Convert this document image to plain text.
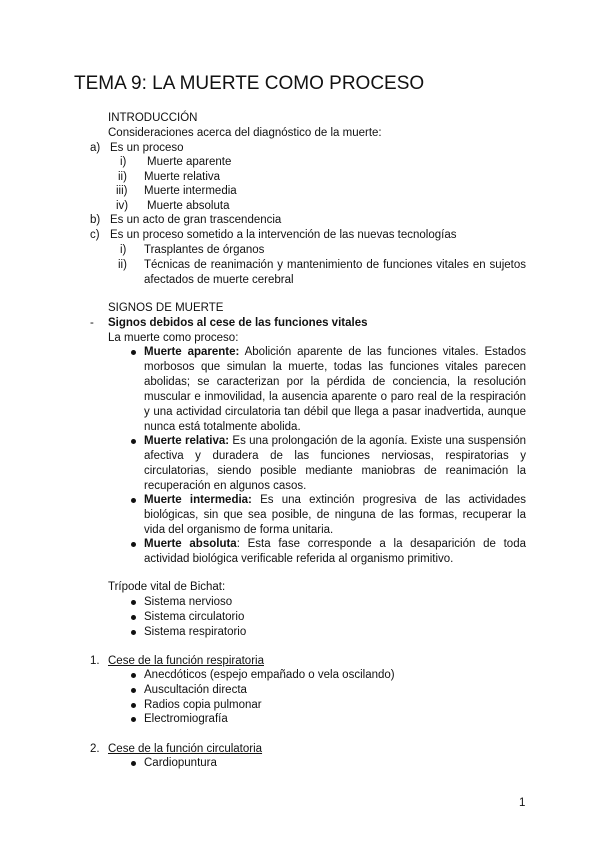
TEMA 9: LA MUERTE COMO PROCESO
INTRODUCCIÓN
Consideraciones acerca del diagnóstico de la muerte:
a) Es un proceso
i) Muerte aparente
ii) Muerte relativa
iii) Muerte intermedia
iv) Muerte absoluta
b) Es un acto de gran trascendencia
c) Es un proceso sometido a la intervención de las nuevas tecnologías
i) Trasplantes de órganos
ii) Técnicas de reanimación y mantenimiento de funciones vitales en sujetos afectados de muerte cerebral
SIGNOS DE MUERTE
- Signos debidos al cese de las funciones vitales
La muerte como proceso:
Muerte aparente: Abolición aparente de las funciones vitales. Estados morbosos que simulan la muerte, todas las funciones vitales parecen abolidas; se caracterizan por la pérdida de conciencia, la resolución muscular e inmovilidad, la ausencia aparente o paro real de la respiración y una actividad circulatoria tan débil que llega a pasar inadvertida, aunque nunca está totalmente abolida.
Muerte relativa: Es una prolongación de la agonía. Existe una suspensión afectiva y duradera de las funciones nerviosas, respiratorias y circulatorias, siendo posible mediante maniobras de reanimación la recuperación en algunos casos.
Muerte intermedia: Es una extinción progresiva de las actividades biológicas, sin que sea posible, de ninguna de las formas, recuperar la vida del organismo de forma unitaria.
Muerte absoluta: Esta fase corresponde a la desaparición de toda actividad biológica verificable referida al organismo primitivo.
Trípode vital de Bichat:
Sistema nervioso
Sistema circulatorio
Sistema respiratorio
1. Cese de la función respiratoria
Anecdóticos (espejo empañado o vela oscilando)
Auscultación directa
Radios copia pulmonar
Electromiografía
2. Cese de la función circulatoria
Cardiopuntura
1
